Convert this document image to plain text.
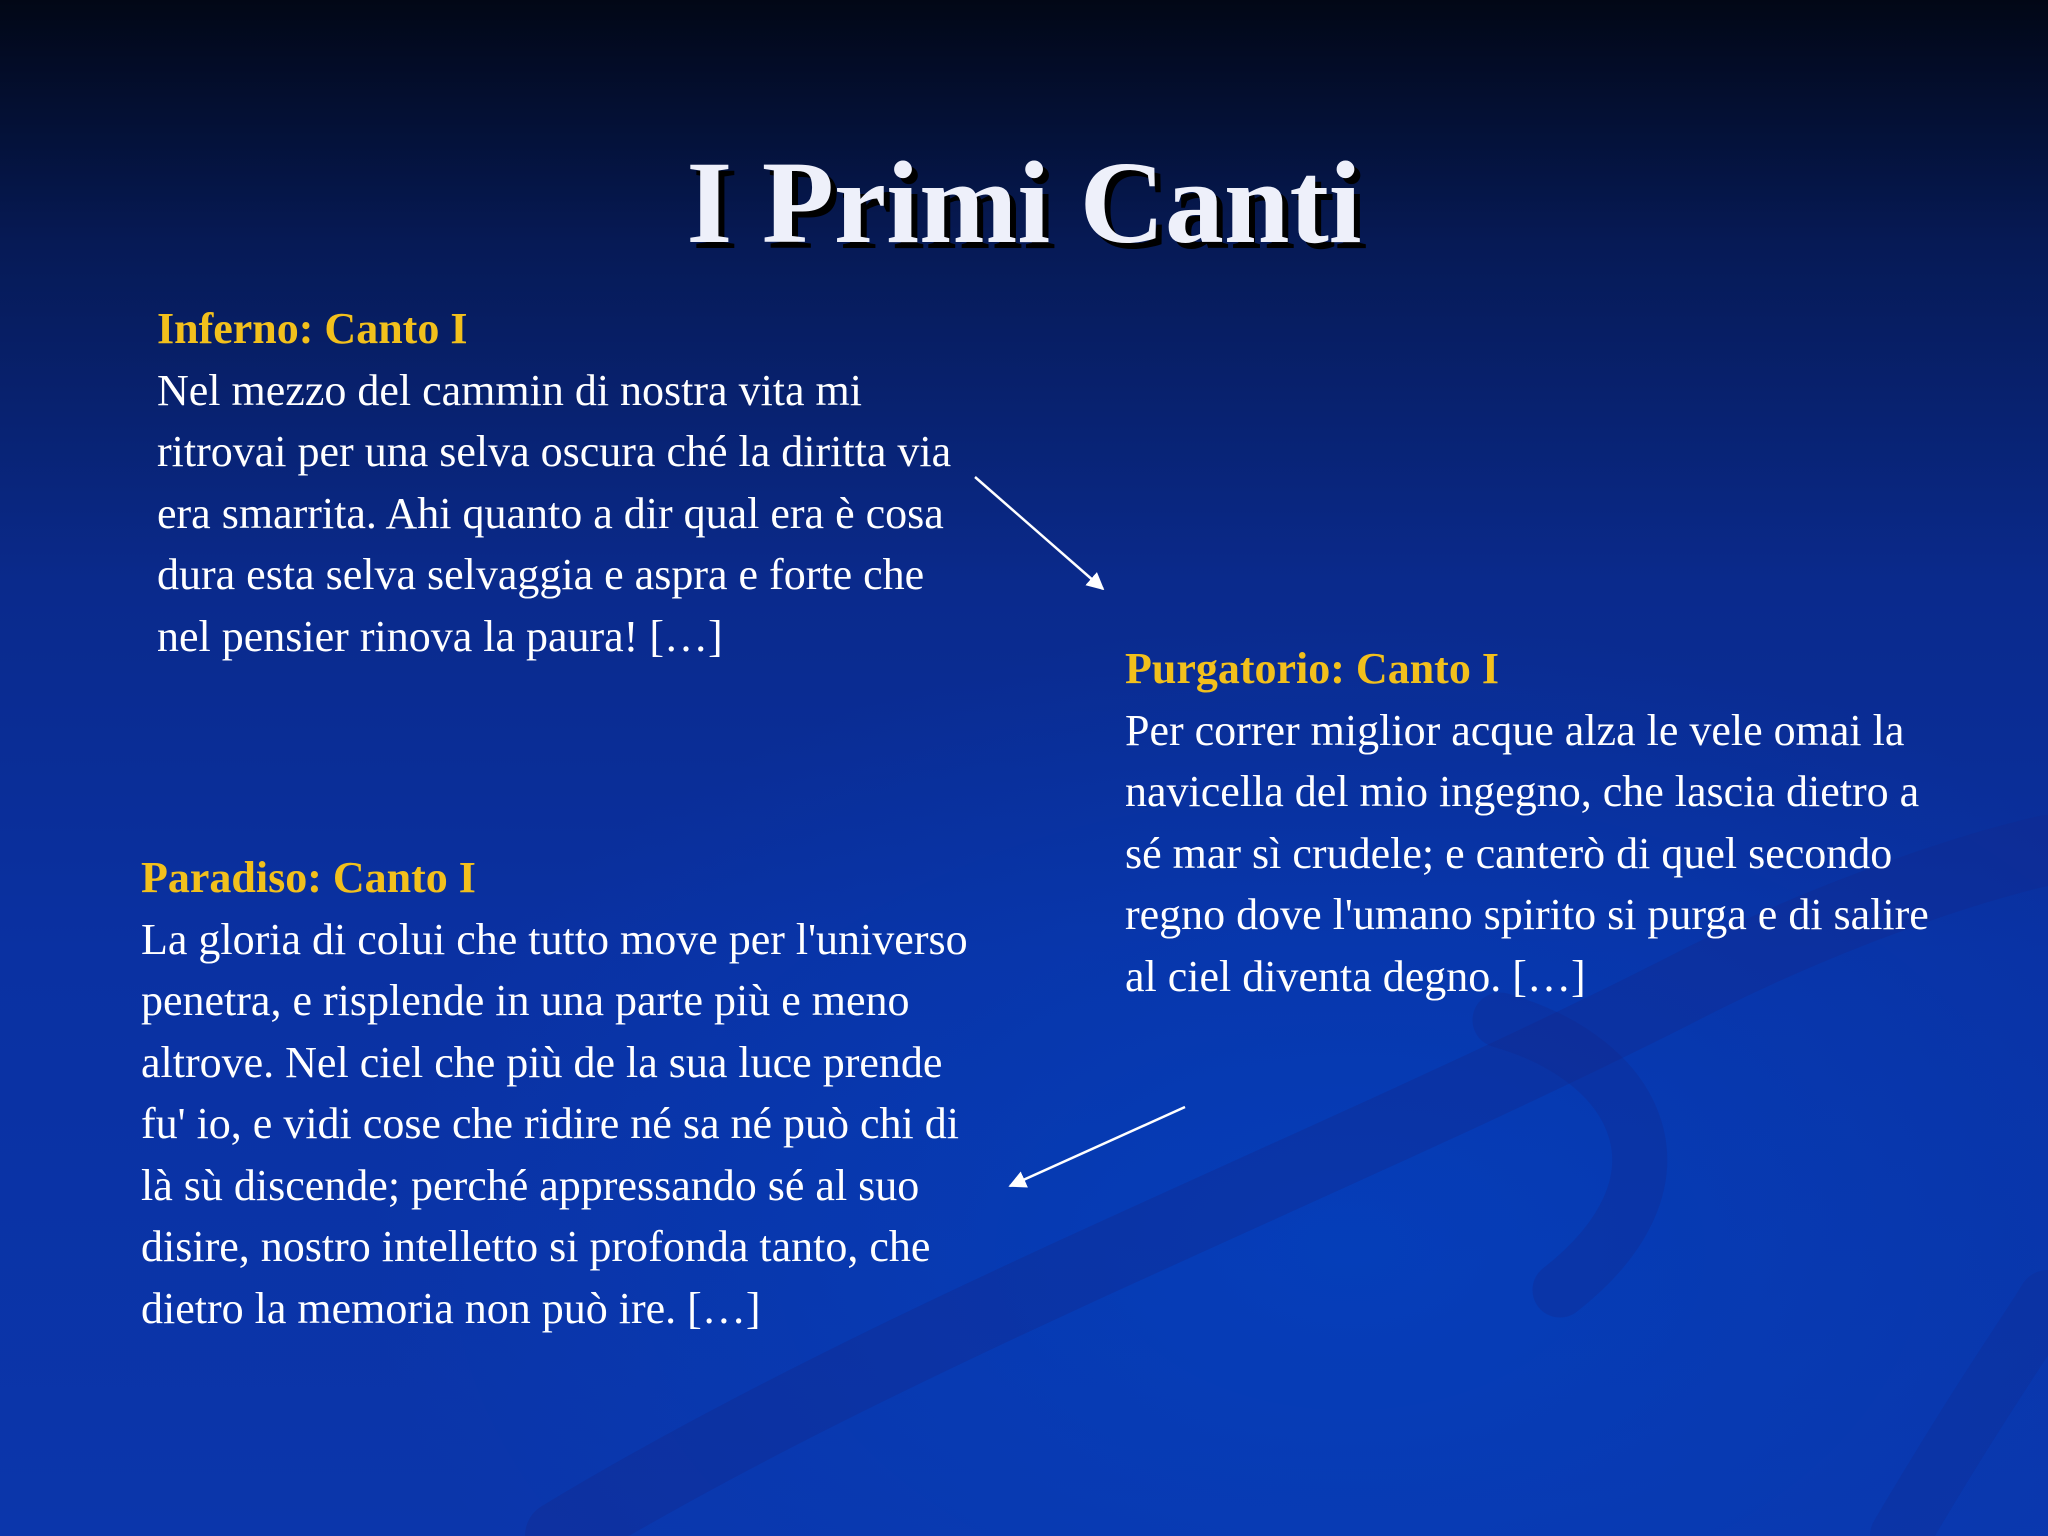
I Primi Canti
Inferno: Canto I
Nel mezzo del cammin di nostra vita mi ritrovai per una selva oscura ché la diritta via era smarrita. Ahi quanto a dir qual era è cosa dura esta selva selvaggia e aspra e forte che nel pensier rinova la paura! […]
Purgatorio: Canto I
Per correr miglior acque alza le vele omai la navicella del mio ingegno, che lascia dietro a sé mar sì crudele; e canterò di quel secondo regno dove l'umano spirito si purga e di salire al ciel diventa degno. […]
Paradiso: Canto I
La gloria di colui che tutto move per l'universo penetra, e risplende in una parte più e meno altrove. Nel ciel che più de la sua luce prende fu' io, e vidi cose che ridire né sa né può chi di là sù discende; perché appressando sé al suo disire, nostro intelletto si profonda tanto, che dietro la memoria non può ire. […]
